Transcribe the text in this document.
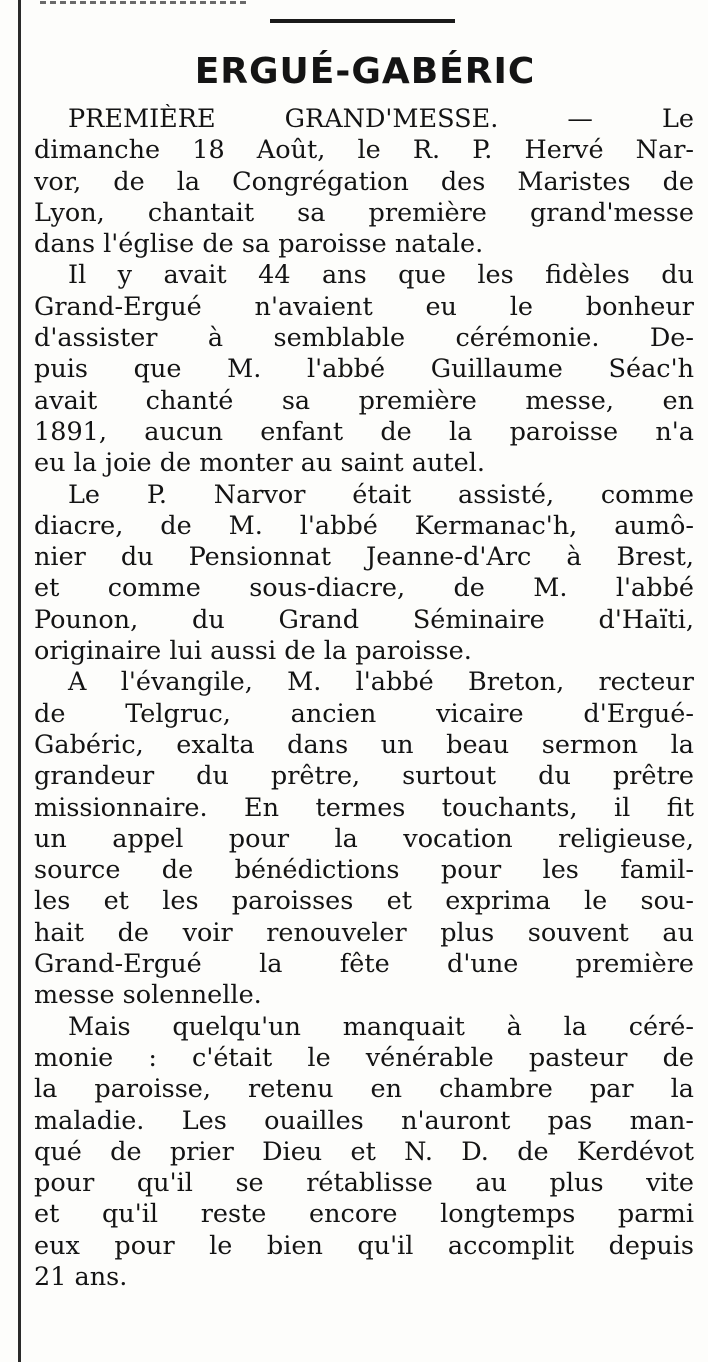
ERGUÉ-GABÉRIC
PREMIÈRE GRAND'MESSE. — Le
dimanche 18 Août, le R. P. Hervé Nar-
vor, de la Congrégation des Maristes de
Lyon, chantait sa première grand'messe
dans l'église de sa paroisse natale.
Il y avait 44 ans que les fidèles du
Grand-Ergué n'avaient eu le bonheur
d'assister à semblable cérémonie. De-
puis que M. l'abbé Guillaume Séac'h
avait chanté sa première messe, en
1891, aucun enfant de la paroisse n'a
eu la joie de monter au saint autel.
Le P. Narvor était assisté, comme
diacre, de M. l'abbé Kermanac'h, aumô-
nier du Pensionnat Jeanne-d'Arc à Brest,
et comme sous-diacre, de M. l'abbé
Pounon, du Grand Séminaire d'Haïti,
originaire lui aussi de la paroisse.
A l'évangile, M. l'abbé Breton, recteur
de Telgruc, ancien vicaire d'Ergué-
Gabéric, exalta dans un beau sermon la
grandeur du prêtre, surtout du prêtre
missionnaire. En termes touchants, il fit
un appel pour la vocation religieuse,
source de bénédictions pour les famil-
les et les paroisses et exprima le sou-
hait de voir renouveler plus souvent au
Grand-Ergué la fête d'une première
messe solennelle.
Mais quelqu'un manquait à la céré-
monie : c'était le vénérable pasteur de
la paroisse, retenu en chambre par la
maladie. Les ouailles n'auront pas man-
qué de prier Dieu et N. D. de Kerdévot
pour qu'il se rétablisse au plus vite
et qu'il reste encore longtemps parmi
eux pour le bien qu'il accomplit depuis
21 ans.
